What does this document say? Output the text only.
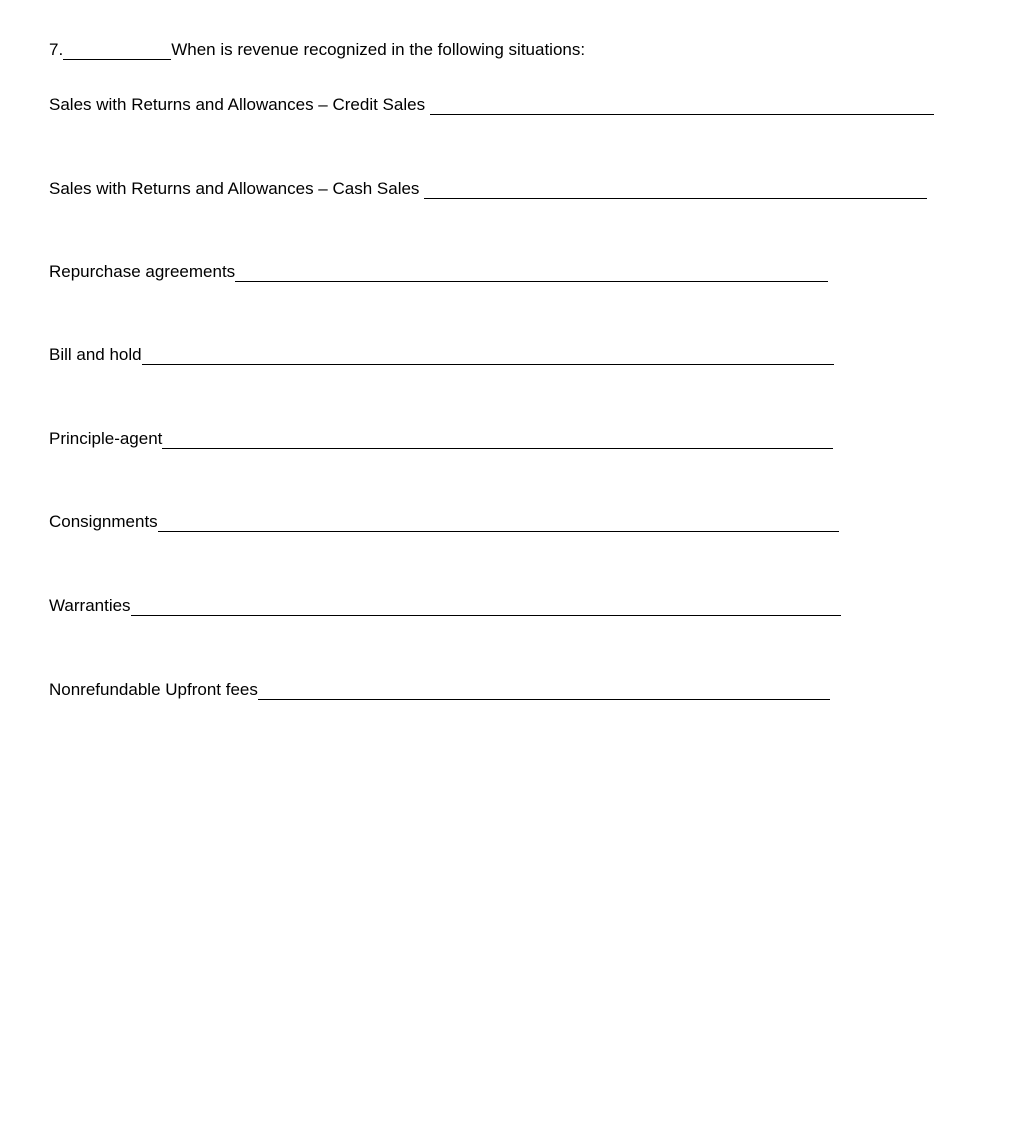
7.	When is revenue recognized in the following situations:
Sales with Returns and Allowances – Credit Sales
Sales with Returns and Allowances – Cash Sales
Repurchase agreements
Bill and hold
Principle-agent
Consignments
Warranties
Nonrefundable Upfront fees
